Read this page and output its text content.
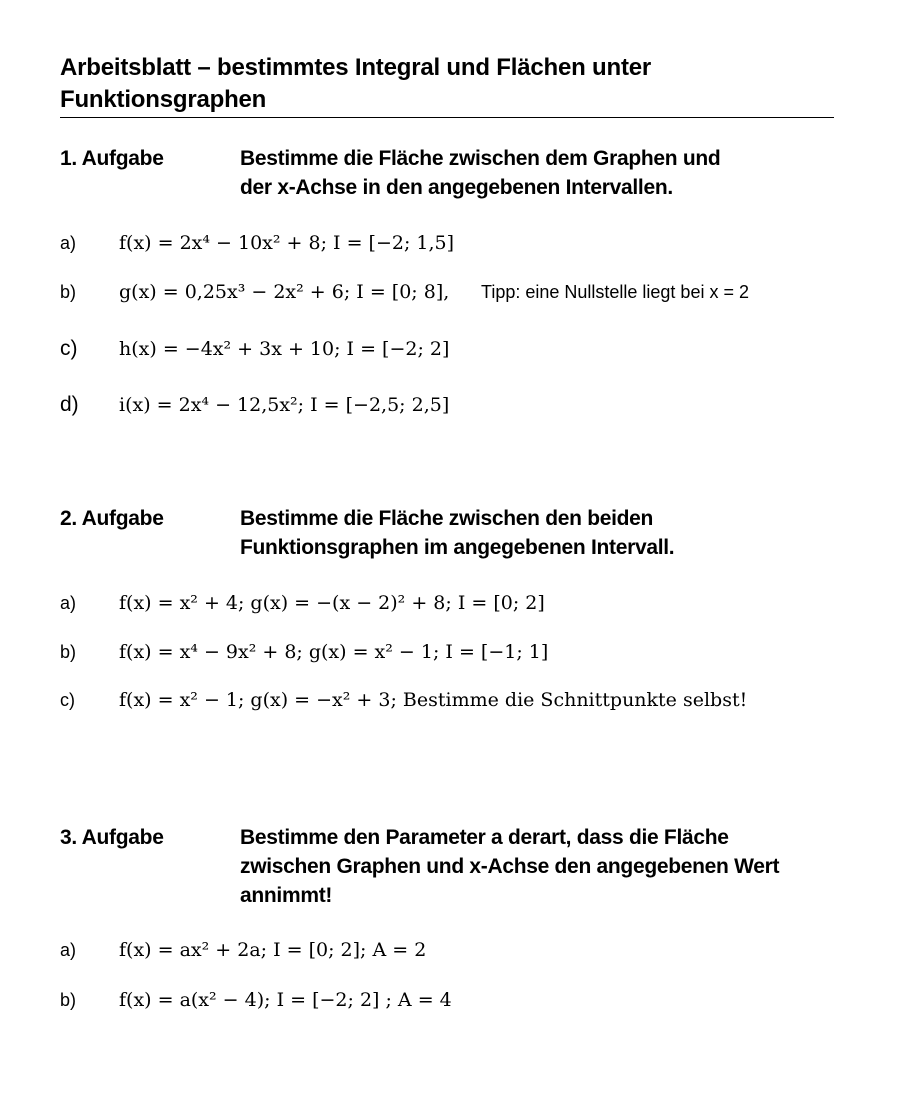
Arbeitsblatt – bestimmtes Integral und Flächen unter
Funktionsgraphen
1. Aufgabe	Bestimme die Fläche zwischen dem Graphen und
der x-Achse in den angegebenen Intervallen.
a) f(x) = 2x⁴ − 10x² + 8; I = [−2; 1,5]
b) g(x) = 0,25x³ − 2x² + 6; I = [0; 8], Tipp: eine Nullstelle liegt bei x = 2
c) h(x) = −4x² + 3x + 10; I = [−2; 2]
d) i(x) = 2x⁴ − 12,5x²; I = [−2,5; 2,5]
2. Aufgabe	Bestimme die Fläche zwischen den beiden
Funktionsgraphen im angegebenen Intervall.
a) f(x) = x² + 4; g(x) = −(x − 2)² + 8; I = [0; 2]
b) f(x) = x⁴ − 9x² + 8; g(x) = x² − 1; I = [−1; 1]
c) f(x) = x² − 1; g(x) = −x² + 3; Bestimme die Schnittpunkte selbst!
3. Aufgabe	Bestimme den Parameter a derart, dass die Fläche
zwischen Graphen und x-Achse den angegebenen Wert
annimmt!
a) f(x) = ax² + 2a; I = [0; 2]; A = 2
b) f(x) = a(x² − 4); I = [−2; 2] ; A = 4
